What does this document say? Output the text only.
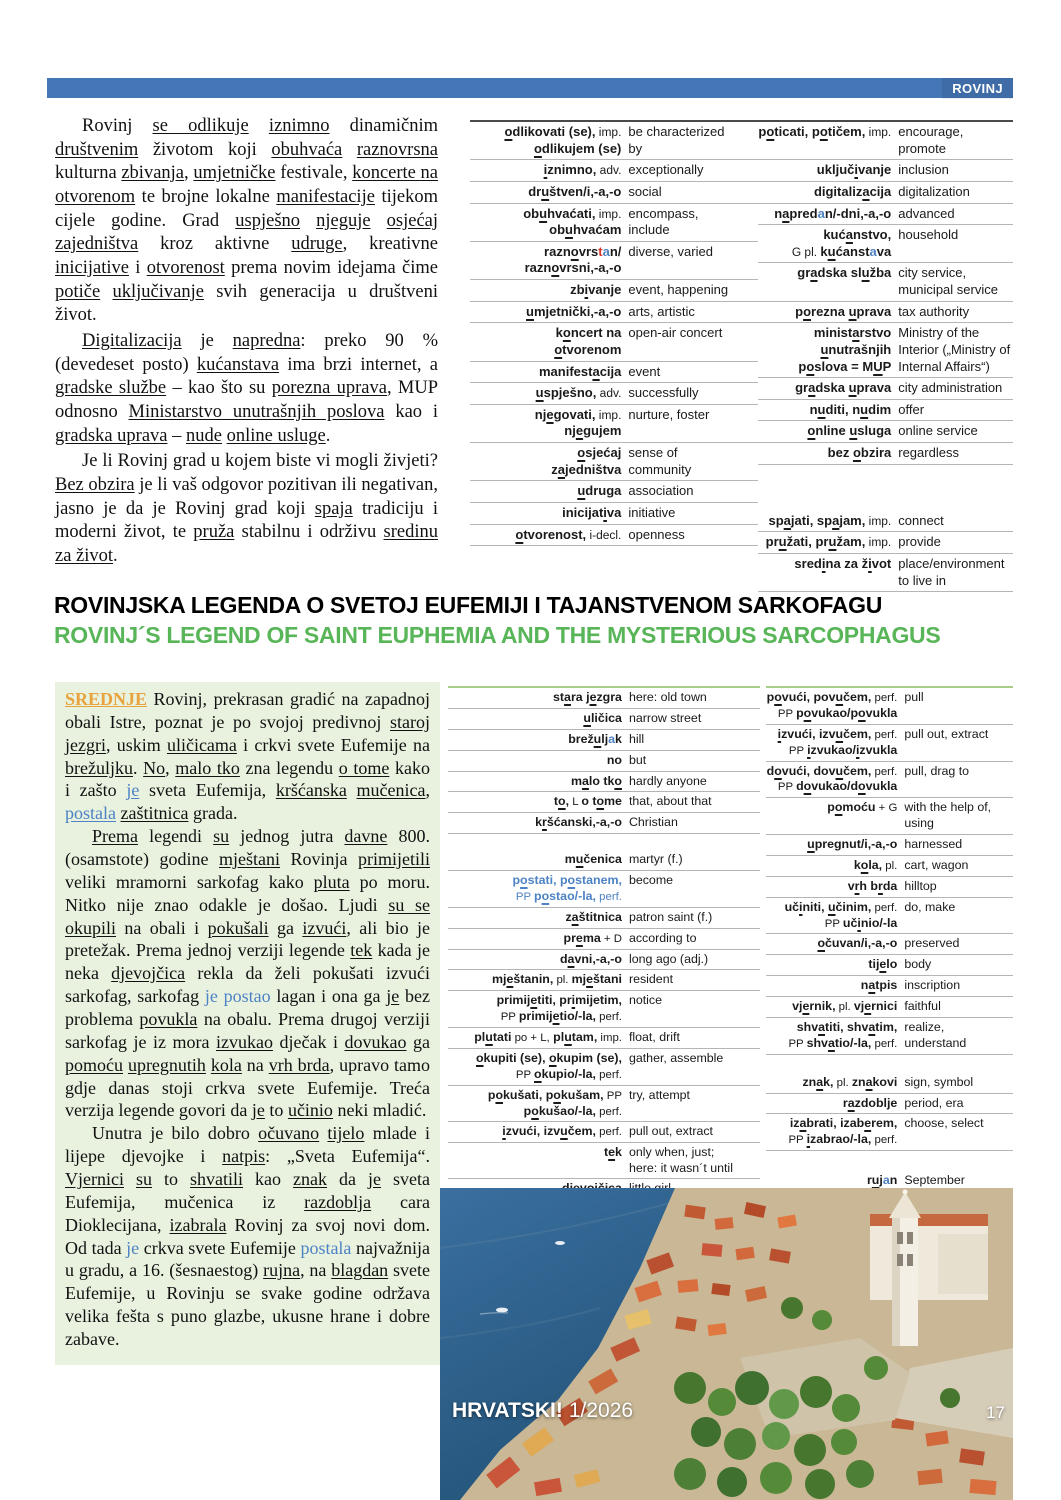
ROVINJ

Rovinj se odlikuje iznimno dinamičnim društvenim životom koji obuhvaća raznovrsna kulturna zbivanja, umjetničke festivale, koncerte na otvorenom te brojne lokalne manifestacije tijekom cijele godine. Grad uspješno njeguje osjećaj zajedništva kroz aktivne udruge, kreativne inicijative i otvorenost prema novim idejama čime potiče uključivanje svih generacija u društveni život.

Digitalizacija je napredna: preko 90 % (devedeset posto) kućanstava ima brzi internet, a gradske službe – kao što su porezna uprava, MUP odnosno Ministarstvo unutrašnjih poslova kao i gradska uprava – nude online usluge.

Je li Rovinj grad u kojem biste vi mogli živjeti? Bez obzira je li vaš odgovor pozitivan ili negativan, jasno je da je Rovinj grad koji spaja tradiciju i moderni život, te pruža stabilnu i održivu sredinu za život.

odlikovati (se), imp.
odlikujem (se)
be characterized
by
iznimno, adv. exceptionally
društven/i,-a,-o social
obuhvaćati, imp.
obuhvaćam
encompass,
include
raznovrstan/
raznovrsni,-a,-o
diverse, varied
zbivanje event, happening
umjetnički,-a,-o arts, artistic
koncert na
otvorenom
open-air concert
manifestacija event
uspješno, adv. successfully
njegovati, imp.
njegujem
nurture, foster
osjećaj
zajedništva
sense of
community
udruga association
inicijativa initiative
otvorenost, i-decl. openness
poticati, potičem, imp. encourage, promote
uključivanje inclusion
digitalizacija digitalization
napredan/-dni,-a,-o advanced
kućanstvo,
G pl. kućanstava
household
gradska služba city service,
municipal service
porezna uprava tax authority
ministarstvo
unutrašnjih
poslova = MUP
Ministry of the
Interior („Ministry of
Internal Affairs“)
gradska uprava city administration
nuditi, nudim offer
online usluga online service
bez obzira regardless
spajati, spajam, imp. connect
pružati, pružam, imp. provide
sredina za život place/environment
to live in
ROVINJSKA LEGENDA O SVETOJ EUFEMIJI I TAJANSTVENOM SARKOFAGU
ROVINJ´S LEGEND OF SAINT EUPHEMIA AND THE MYSTERIOUS SARCOPHAGUS

SREDNJE Rovinj, prekrasan gradić na zapadnoj obali Istre, poznat je po svojoj predivnoj staroj jezgri, uskim uličicama i crkvi svete Eufemije na brežuljku. No, malo tko zna legendu o tome kako i zašto je sveta Eufemija, kršćanska mučenica, postala zaštitnica grada.

Prema legendi su jednog jutra davne 800. (osamstote) godine mještani Rovinja primijetili veliki mramorni sarkofag kako pluta po moru. Nitko nije znao odakle je došao. Ljudi su se okupili na obali i pokušali ga izvući, ali bio je pretežak. Prema jednoj verziji legende tek kada je neka djevojčica rekla da želi pokušati izvući sarkofag, sarkofag je postao lagan i ona ga je bez problema povukla na obalu. Prema drugoj verziji sarkofag je iz mora izvukao dječak i dovukao ga pomoću upregnutih kola na vrh brda, upravo tamo gdje danas stoji crkva svete Eufemije. Treća verzija legende govori da je to učinio neki mladić.

Unutra je bilo dobro očuvano tijelo mlade i lijepe djevojke i natpis: „Sveta Eufemija“. Vjernici su to shvatili kao znak da je sveta Eufemija, mučenica iz razdoblja cara Dioklecijana, izabrala Rovinj za svoj novi dom. Od tada je crkva svete Eufemije postala najvažnija u gradu, a 16. (šesnaestog) rujna, na blagdan svete Eufemije, u Rovinju se svake godine održava velika fešta s puno glazbe, ukusne hrane i dobre zabave.

stara jezgra here: old town
uličica narrow street
brežuljak hill
no but
malo tko hardly anyone
to, L o tome that, about that
kršćanski,-a,-o Christian
mučenica martyr (f.)
postati, postanem,
PP postao/-la, perf.
become
zaštitnica patron saint (f.)
prema + D according to
davni,-a,-o long ago (adj.)
mještanin, pl. mještani resident
primijetiti, primijetim,
PP primijetio/-la, perf.
notice
plutati po + L, plutam, imp. float, drift
okupiti (se), okupim (se),
PP okupio/-la, perf.
gather, assemble
pokušati, pokušam, PP
pokušao/-la, perf.
try, attempt
izvući, izvučem, perf. pull out, extract
tek only when, just;
here: it wasn´t until
povući, povučem, perf.
PP povukao/povukla
pull
izvući, izvučem, perf.
PP izvukao/izvukla
pull out, extract
dovući, dovučem, perf.
PP dovukao/dovukla
pull, drag to
pomoću + G with the help of,
using
upregnut/i,-a,-o harnessed
kola, pl. cart, wagon
vrh brda hilltop
učiniti, učinim, perf.
PP učinio/-la
do, make
očuvan/i,-a,-o preserved
tijelo body
natpis inscription
vjernik, pl. vjernici faithful
shvatiti, shvatim,
PP shvatio/-la, perf.
realize,
understand
znak, pl. znakovi sign, symbol
razdoblje period, era
izabrati, izaberem,
PP izabrao/-la, perf.
choose, select
rujan September
HRVATSKI! 1/2026	17
